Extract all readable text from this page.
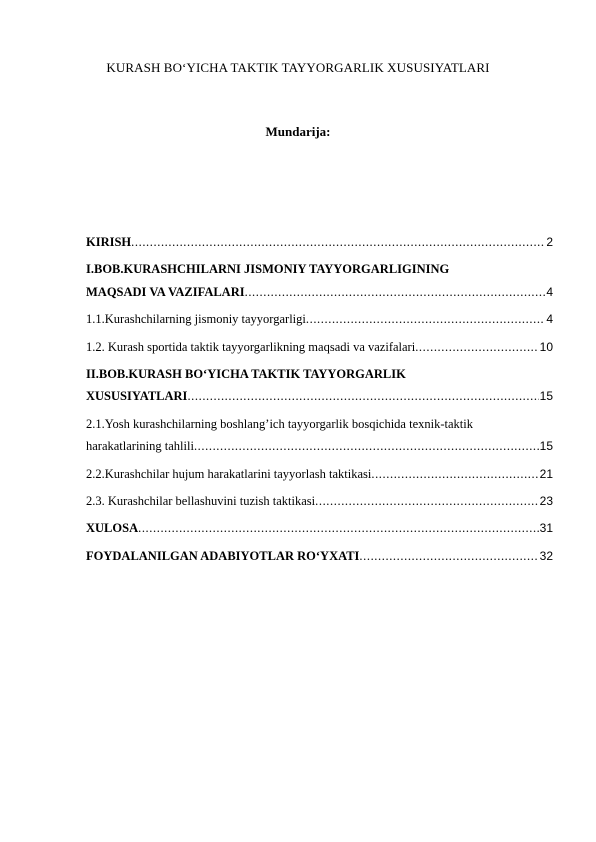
KURASH BO‘YICHA TAKTIK TAYYORGARLIK XUSUSIYATLARI
Mundarija:
KIRISH .....	2
I.BOB.KURASHCHILARNI JISMONIY TAYYORGARLIGINING
MAQSADI VA VAZIFALARI .....	4
1.1.Kurashchilarning jismoniy tayyorgarligi .....	4
1.2. Kurash sportida taktik tayyorgarlikning maqsadi va vazifalari .....	10
II.BOB.KURASH BO‘YICHA TAKTIK TAYYORGARLIK
XUSUSIYATLARI .....	15
2.1.Yosh kurashchilarning boshlang’ich tayyorgarlik bosqichida texnik-taktik
harakatlarining tahlili .....	15
2.2.Kurashchilar hujum harakatlarini tayyorlash taktikasi .....	21
2.3. Kurashchilar bellashuvini tuzish taktikasi .....	23
XULOSA .....	31
FOYDALANILGAN ADABIYOTLAR RO‘YXATI .....	32
